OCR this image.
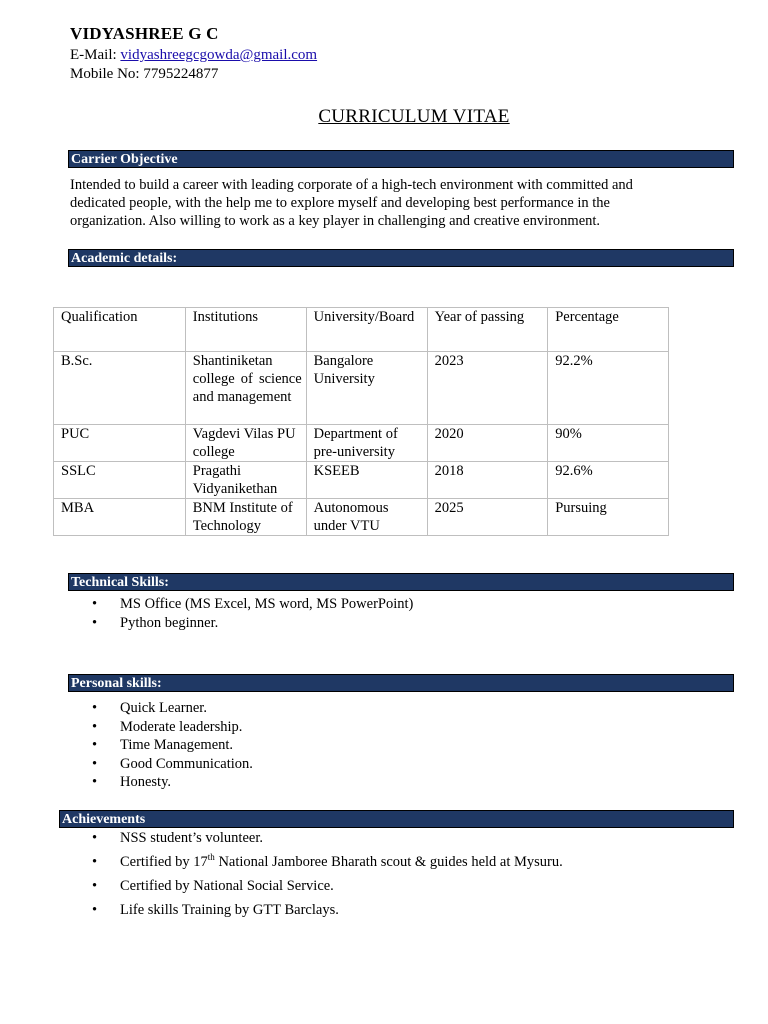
VIDYASHREE G C
E-Mail: vidyashreegcgowda@gmail.com
Mobile No: 7795224877
CURRICULUM VITAE
Carrier Objective
Intended to build a career with leading corporate of a high-tech environment with committed and
dedicated people, with the help me to explore myself and developing best performance in the
organization. Also willing to work as a key player in challenging and creative environment.
Academic details:
Qualification	Institutions	University/Board	Year of passing	Percentage
B.Sc.	Shantiniketan college of science and management	Bangalore University	2023	92.2%
PUC	Vagdevi Vilas PU college	Department of pre-university	2020	90%
SSLC	Pragathi Vidyanikethan	KSEEB	2018	92.6%
MBA	BNM Institute of Technology	Autonomous under VTU	2025	Pursuing
Technical Skills:
• MS Office (MS Excel, MS word, MS PowerPoint)
• Python beginner.
Personal skills:
• Quick Learner.
• Moderate leadership.
• Time Management.
• Good Communication.
• Honesty.
Achievements
• NSS student’s volunteer.
• Certified by 17th National Jamboree Bharath scout & guides held at Mysuru.
• Certified by National Social Service.
• Life skills Training by GTT Barclays.
